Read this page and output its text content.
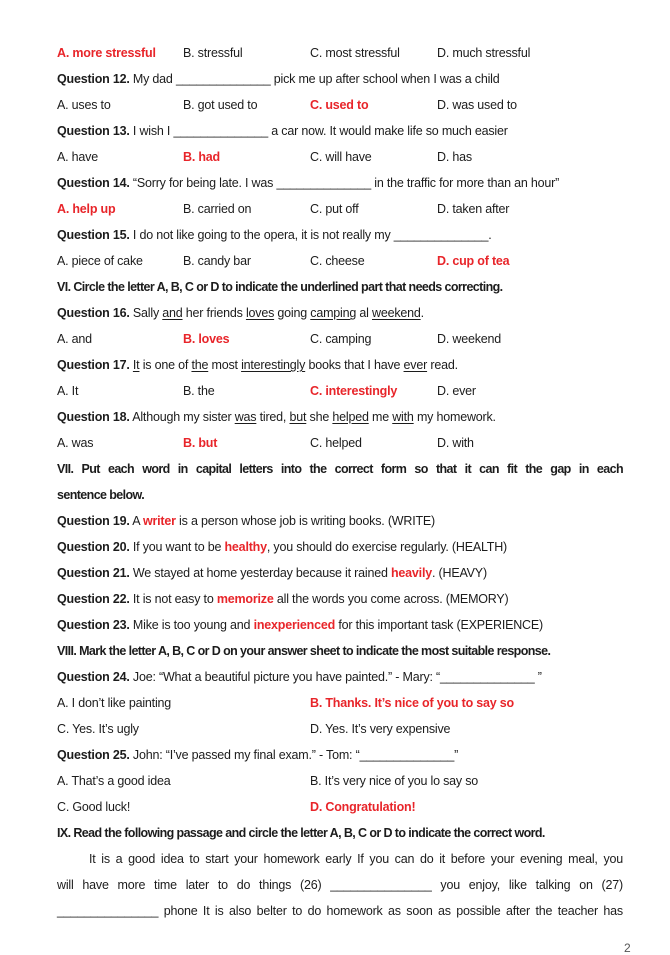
A. more stressful	B. stressful	C. most stressful	D. much stressful
Question 12. My dad ______________ pick me up after school when I was a child
A. uses to	B. got used to	C. used to	D. was used to
Question 13. I wish I ______________ a car now. It would make life so much easier
A. have	B. had	C. will have	D. has
Question 14. “Sorry for being late. I was ______________ in the traffic for more than an hour”
A. help up	B. carried on	C. put off	D. taken after
Question 15. I do not like going to the opera, it is not really my ______________.
A. piece of cake	B. candy bar	C. cheese	D. cup of tea
VI. Circle the letter A, B, C or D to indicate the underlined part that needs correcting.
Question 16. Sally and her friends loves going camping al weekend.
A. and	B. loves	C. camping	D. weekend
Question 17. It is one of the most interestingly books that I have ever read.
A. It	B. the	C. interestingly	D. ever
Question 18. Although my sister was tired, but she helped me with my homework.
A. was	B. but	C. helped	D. with
VII. Put each word in capital letters into the correct form so that it can fit the gap in each
sentence below.
Question 19. A writer is a person whose job is writing books. (WRITE)
Question 20. If you want to be healthy, you should do exercise regularly. (HEALTH)
Question 21. We stayed at home yesterday because it rained heavily. (HEAVY)
Question 22. It is not easy to memorize all the words you come across. (MEMORY)
Question 23. Mike is too young and inexperienced for this important task (EXPERIENCE)
VIII. Mark the letter A, B, C or D on your answer sheet to indicate the most suitable response.
Question 24. Joe: “What a beautiful picture you have painted.” - Mary: “______________ ”
A. I don’t like painting	B. Thanks. It’s nice of you to say so
C. Yes. It’s ugly	D. Yes. It’s very expensive
Question 25. John: “I’ve passed my final exam.” - Tom: “______________”
A. That’s a good idea	B. It’s very nice of you lo say so
C. Good luck!	D. Congratulation!
IX. Read the following passage and circle the letter A, B, C or D to indicate the correct word.
It is a good idea to start your homework early If you can do it before your evening meal, you
will have more time later to do things (26) _______________ you enjoy, like talking on (27)
_______________ phone It is also belter to do homework as soon as possible after the teacher has
2
